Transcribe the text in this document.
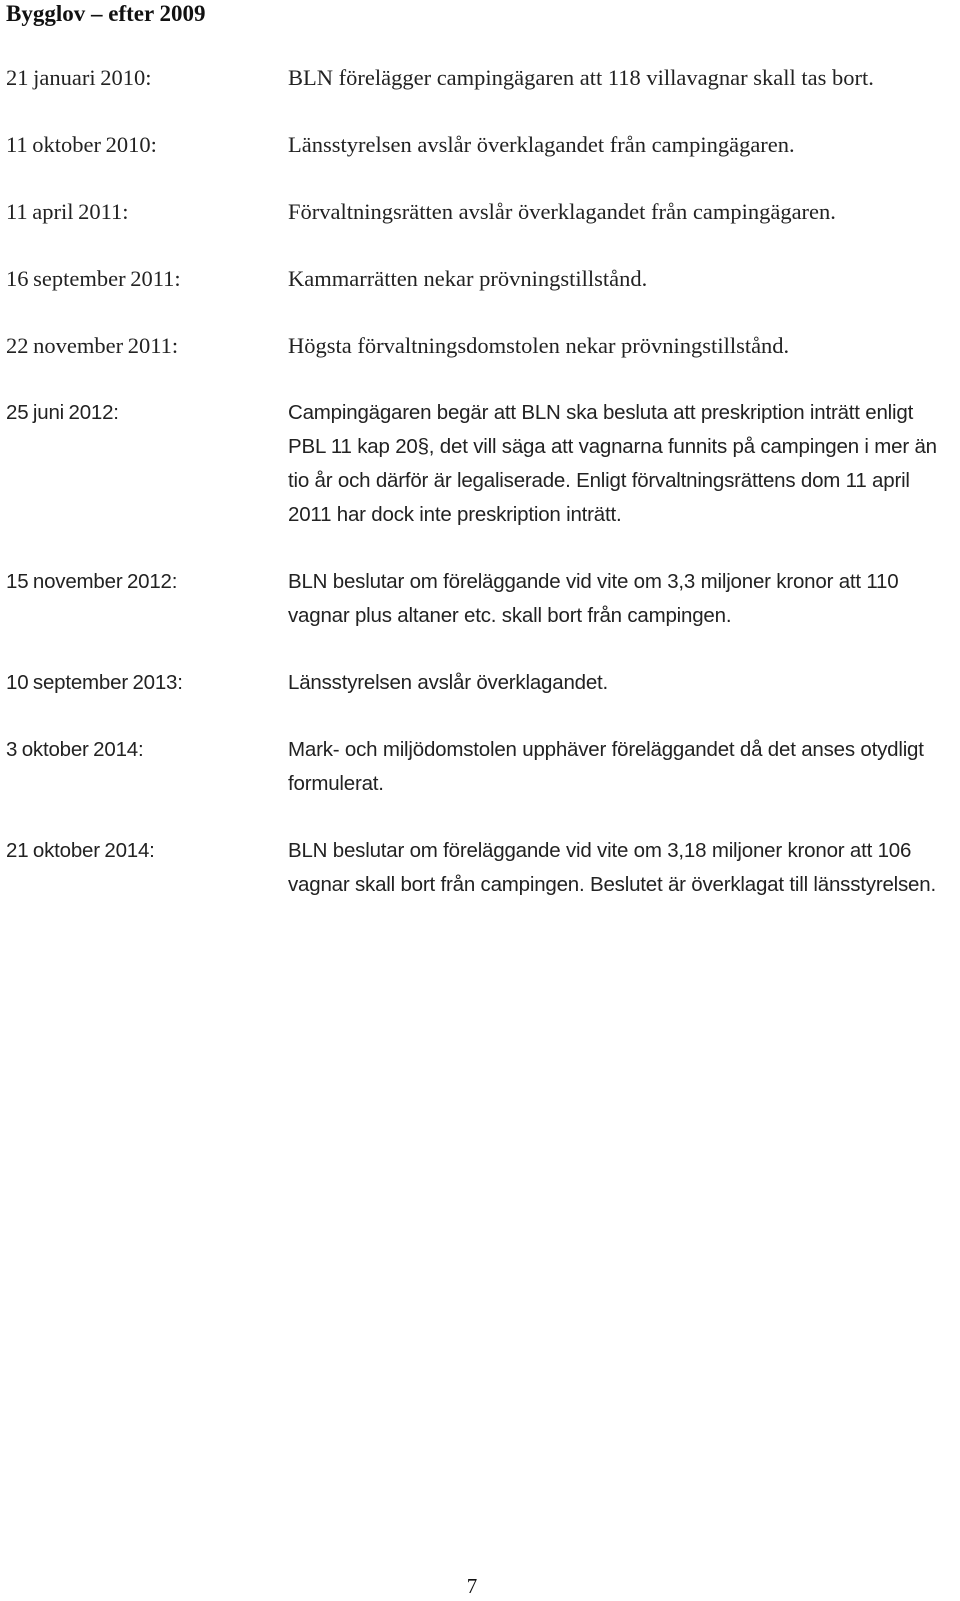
Bygglov – efter 2009
21 januari 2010:	BLN förelägger campingägaren att 118 villavagnar skall tas bort.
11 oktober 2010:	Länsstyrelsen avslår överklagandet från campingägaren.
11 april 2011:	Förvaltningsrätten avslår överklagandet från campingägaren.
16 september 2011:	Kammarrätten nekar prövningstillstånd.
22 november 2011:	Högsta förvaltningsdomstolen nekar prövningstillstånd.
25 juni 2012:	Campingägaren begär att BLN ska besluta att preskription inträtt enligt PBL 11 kap 20§, det vill säga att vagnarna funnits på campingen i mer än tio år och därför är legaliserade. Enligt förvaltningsrättens dom 11 april 2011 har dock inte preskription inträtt.
15 november 2012:	BLN beslutar om föreläggande vid vite om 3,3 miljoner kronor att 110 vagnar plus altaner etc. skall bort från campingen.
10 september 2013:	Länsstyrelsen avslår överklagandet.
3 oktober 2014:	Mark- och miljödomstolen upphäver föreläggandet då det anses otydligt formulerat.
21 oktober 2014:	BLN beslutar om föreläggande vid vite om 3,18 miljoner kronor att 106 vagnar skall bort från campingen. Beslutet är överklagat till länsstyrelsen.
7
